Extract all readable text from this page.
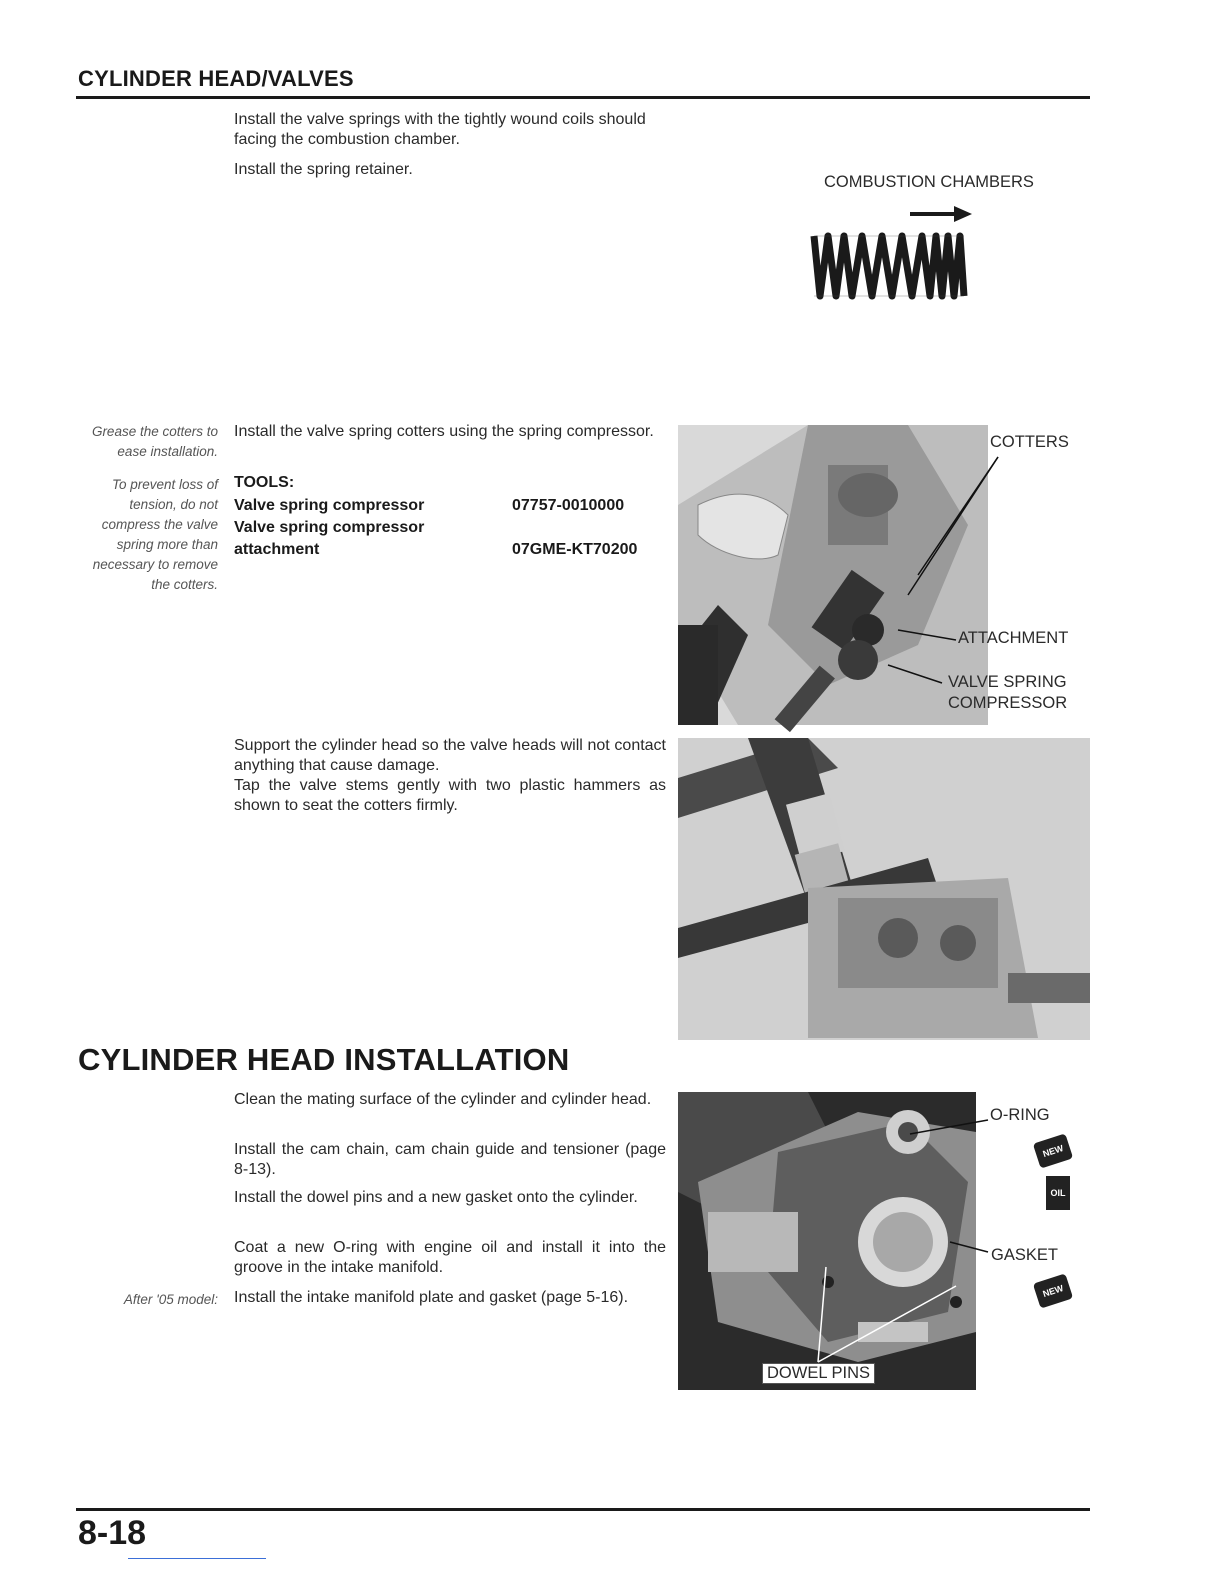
CYLINDER HEAD/VALVES
Install the valve springs with the tightly wound coils should facing the combustion chamber.
Install the spring retainer.
COMBUSTION CHAMBERS
Grease the cotters to ease installation.
To prevent loss of tension, do not compress the valve spring more than necessary to remove the cotters.
Install the valve spring cotters using the spring compressor.
TOOLS:
Valve spring compressor	07757-0010000
Valve spring compressor attachment	07GME-KT70200
COTTERS
ATTACHMENT
VALVE SPRING COMPRESSOR
Support the cylinder head so the valve heads will not contact anything that cause damage.
Tap the valve stems gently with two plastic hammers as shown to seat the cotters firmly.
CYLINDER HEAD INSTALLATION
Clean the mating surface of the cylinder and cylinder head.
Install the cam chain, cam chain guide and tensioner (page 8-13).
Install the dowel pins and a new gasket onto the cylinder.
Coat a new O-ring with engine oil and install it into the groove in the intake manifold.
After '05 model: Install the intake manifold plate and gasket (page 5-16).
DOWEL PINS
O-RING
GASKET
NEW
OIL
NEW
8-18
